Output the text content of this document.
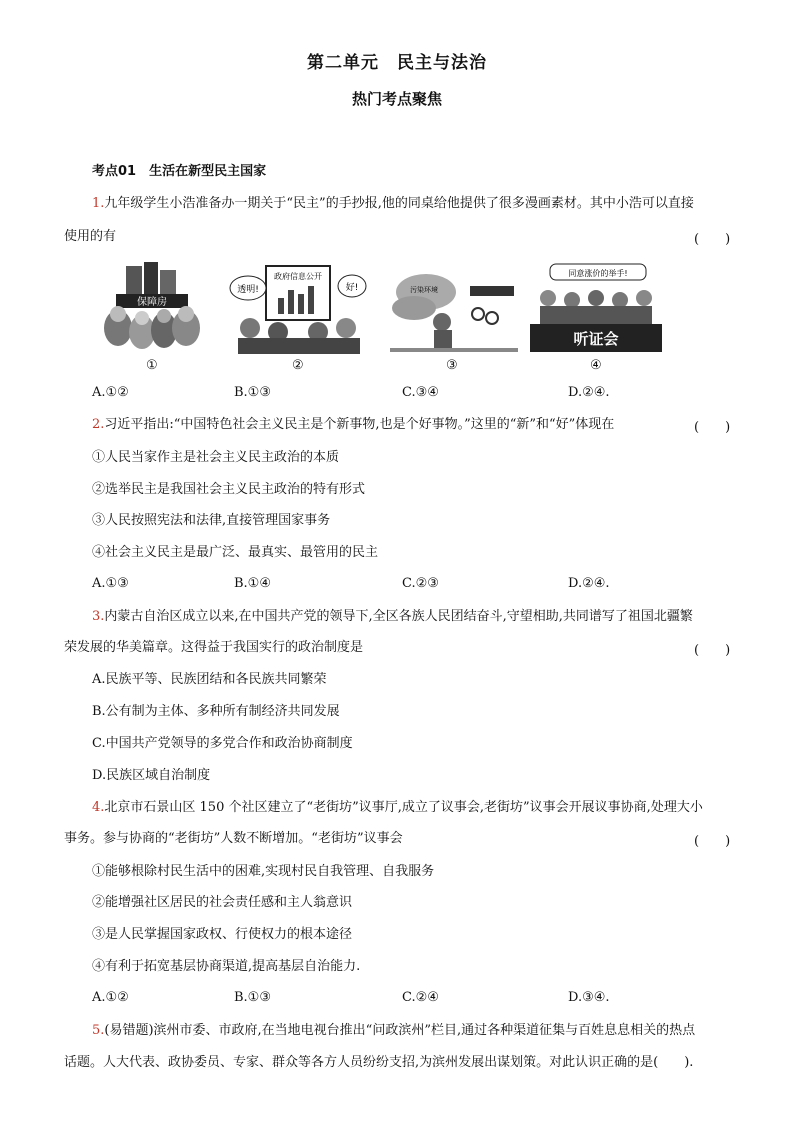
第二单元　民主与法治
热门考点聚焦
考点01　生活在新型民主国家
1.九年级学生小浩准备办一期关于“民主”的手抄报,他的同桌给他提供了很多漫画素材。其中小浩可以直接
使用的有	(　　)
保障房
①
政府信息公开
透明!	好!
②
污染环境
③
同意涨价的举手!
听证会
④
A.①②	B.①③	C.③④	D.②④.
2.习近平指出:“中国特色社会主义民主是个新事物,也是个好事物。”这里的“新”和“好”体现在	(　　)
①人民当家作主是社会主义民主政治的本质
②选举民主是我国社会主义民主政治的特有形式
③人民按照宪法和法律,直接管理国家事务
④社会主义民主是最广泛、最真实、最管用的民主
A.①③	B.①④	C.②③	D.②④.
3.内蒙古自治区成立以来,在中国共产党的领导下,全区各族人民团结奋斗,守望相助,共同谱写了祖国北疆繁
荣发展的华美篇章。这得益于我国实行的政治制度是	(　　)
A.民族平等、民族团结和各民族共同繁荣
B.公有制为主体、多种所有制经济共同发展
C.中国共产党领导的多党合作和政治协商制度
D.民族区域自治制度
4.北京市石景山区 150 个社区建立了“老街坊”议事厅,成立了议事会,老街坊”议事会开展议事协商,处理大小
事务。参与协商的“老街坊”人数不断增加。“老街坊”议事会	(　　)
①能够根除村民生活中的困难,实现村民自我管理、自我服务
②能增强社区居民的社会责任感和主人翁意识
③是人民掌握国家政权、行使权力的根本途径
④有利于拓宽基层协商渠道,提高基层自治能力.
A.①②	B.①③	C.②④	D.③④.
5.(易错题)滨州市委、市政府,在当地电视台推出“问政滨州”栏目,通过各种渠道征集与百姓息息相关的热点
话题。人大代表、政协委员、专家、群众等各方人员纷纷支招,为滨州发展出谋划策。对此认识正确的是(　　).
